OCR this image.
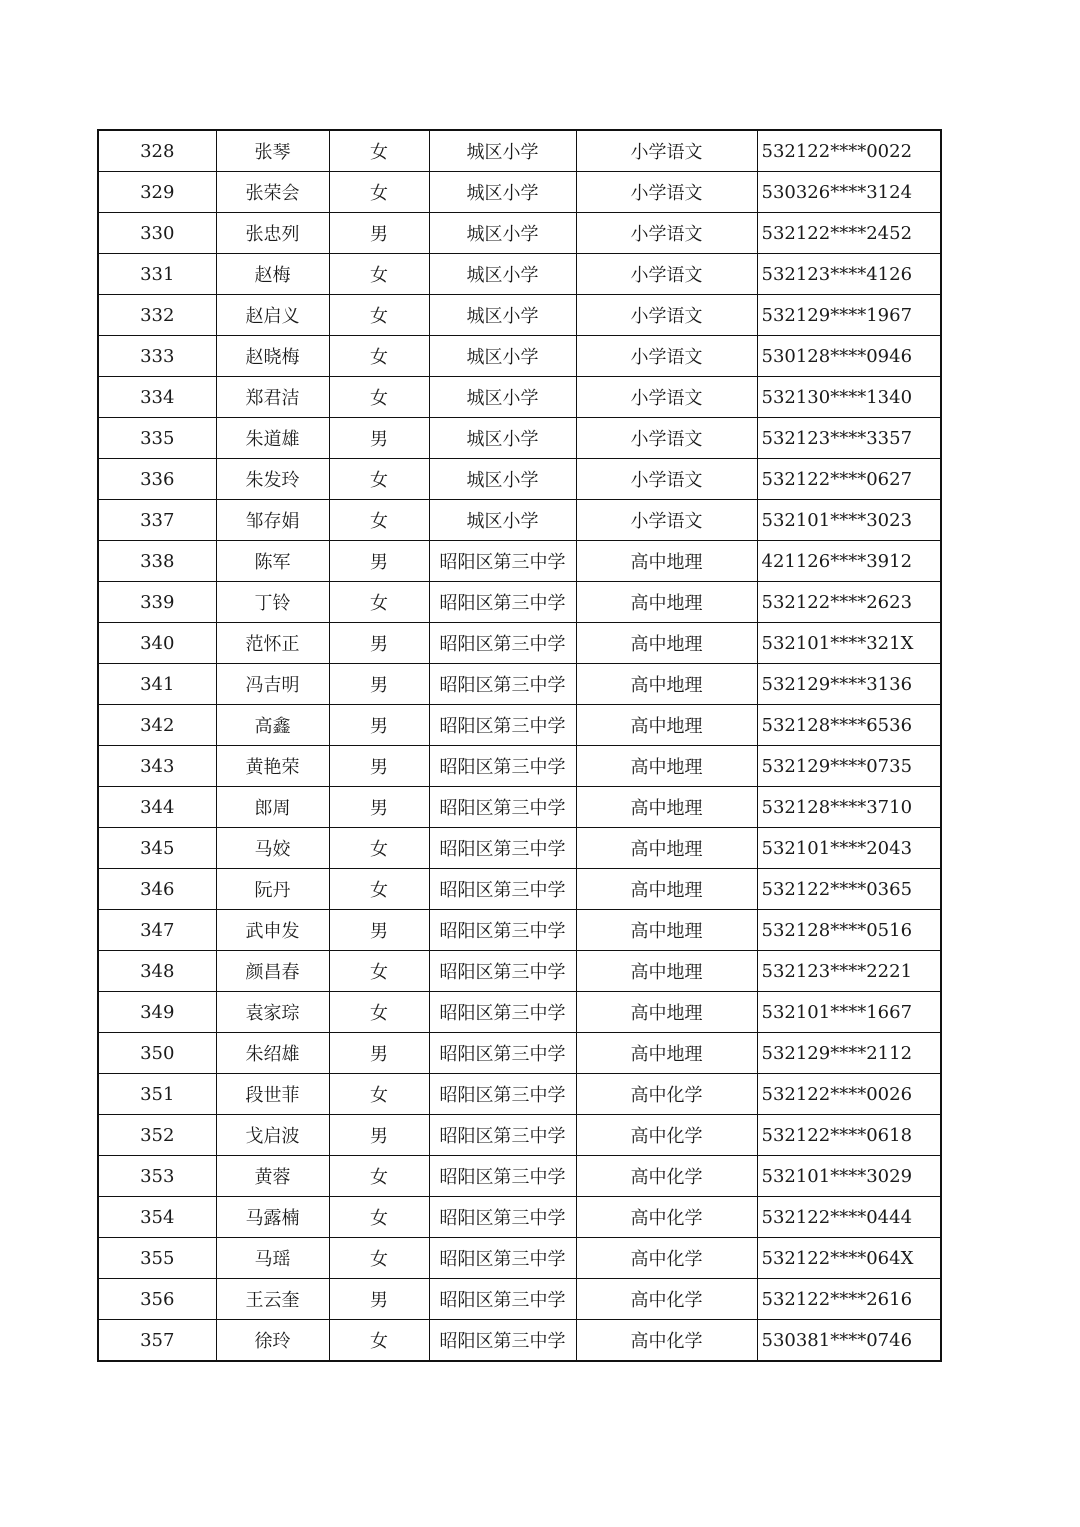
328	张琴	女	城区小学	小学语文	532122****0022
329	张荣会	女	城区小学	小学语文	530326****3124
330	张忠列	男	城区小学	小学语文	532122****2452
331	赵梅	女	城区小学	小学语文	532123****4126
332	赵启义	女	城区小学	小学语文	532129****1967
333	赵晓梅	女	城区小学	小学语文	530128****0946
334	郑君洁	女	城区小学	小学语文	532130****1340
335	朱道雄	男	城区小学	小学语文	532123****3357
336	朱发玲	女	城区小学	小学语文	532122****0627
337	邹存娟	女	城区小学	小学语文	532101****3023
338	陈军	男	昭阳区第三中学	高中地理	421126****3912
339	丁铃	女	昭阳区第三中学	高中地理	532122****2623
340	范怀正	男	昭阳区第三中学	高中地理	532101****321X
341	冯吉明	男	昭阳区第三中学	高中地理	532129****3136
342	高鑫	男	昭阳区第三中学	高中地理	532128****6536
343	黄艳荣	男	昭阳区第三中学	高中地理	532129****0735
344	郎周	男	昭阳区第三中学	高中地理	532128****3710
345	马姣	女	昭阳区第三中学	高中地理	532101****2043
346	阮丹	女	昭阳区第三中学	高中地理	532122****0365
347	武申发	男	昭阳区第三中学	高中地理	532128****0516
348	颜昌春	女	昭阳区第三中学	高中地理	532123****2221
349	袁家琮	女	昭阳区第三中学	高中地理	532101****1667
350	朱绍雄	男	昭阳区第三中学	高中地理	532129****2112
351	段世菲	女	昭阳区第三中学	高中化学	532122****0026
352	戈启波	男	昭阳区第三中学	高中化学	532122****0618
353	黄蓉	女	昭阳区第三中学	高中化学	532101****3029
354	马露楠	女	昭阳区第三中学	高中化学	532122****0444
355	马瑶	女	昭阳区第三中学	高中化学	532122****064X
356	王云奎	男	昭阳区第三中学	高中化学	532122****2616
357	徐玲	女	昭阳区第三中学	高中化学	530381****0746
